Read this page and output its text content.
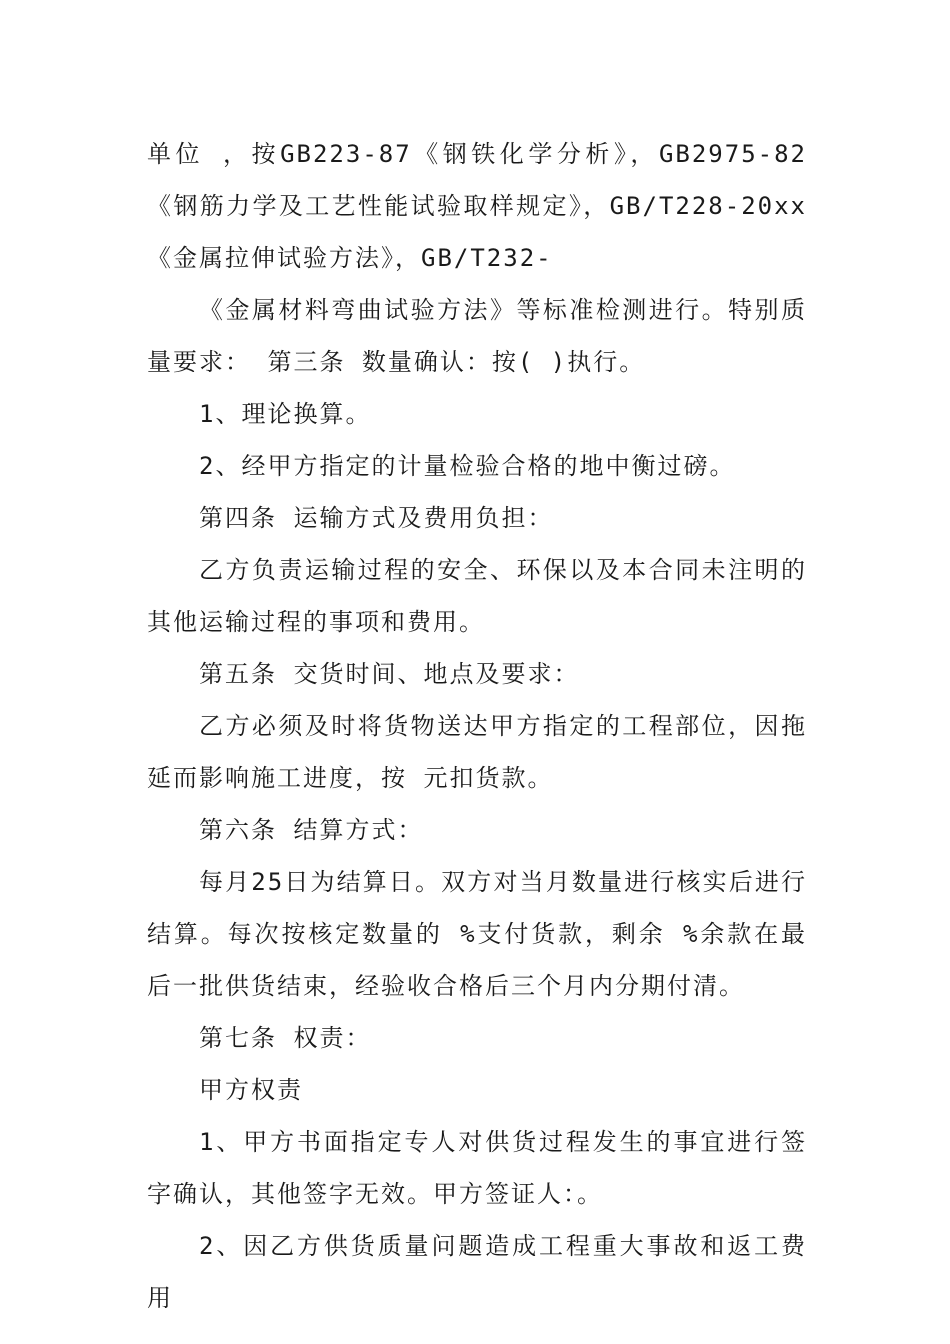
单位 ，按GB223-87《钢铁化学分析》，GB2975-82《钢筋力学及工艺性能试验取样规定》，GB/T228-20xx《金属拉伸试验方法》，GB/T232-

《金属材料弯曲试验方法》等标准检测进行。特别质量要求： 第三条 数量确认：按( )执行。

1、理论换算。

2、经甲方指定的计量检验合格的地中衡过磅。

第四条 运输方式及费用负担：

乙方负责运输过程的安全、环保以及本合同未注明的其他运输过程的事项和费用。

第五条 交货时间、地点及要求：

乙方必须及时将货物送达甲方指定的工程部位，因拖延而影响施工进度，按 元扣货款。

第六条 结算方式：

每月25日为结算日。双方对当月数量进行核实后进行结算。每次按核定数量的 %支付货款，剩余 %余款在最后一批供货结束，经验收合格后三个月内分期付清。

第七条 权责：

甲方权责

1、甲方书面指定专人对供货过程发生的事宜进行签字确认，其他签字无效。甲方签证人：。

2、因乙方供货质量问题造成工程重大事故和返工费用
